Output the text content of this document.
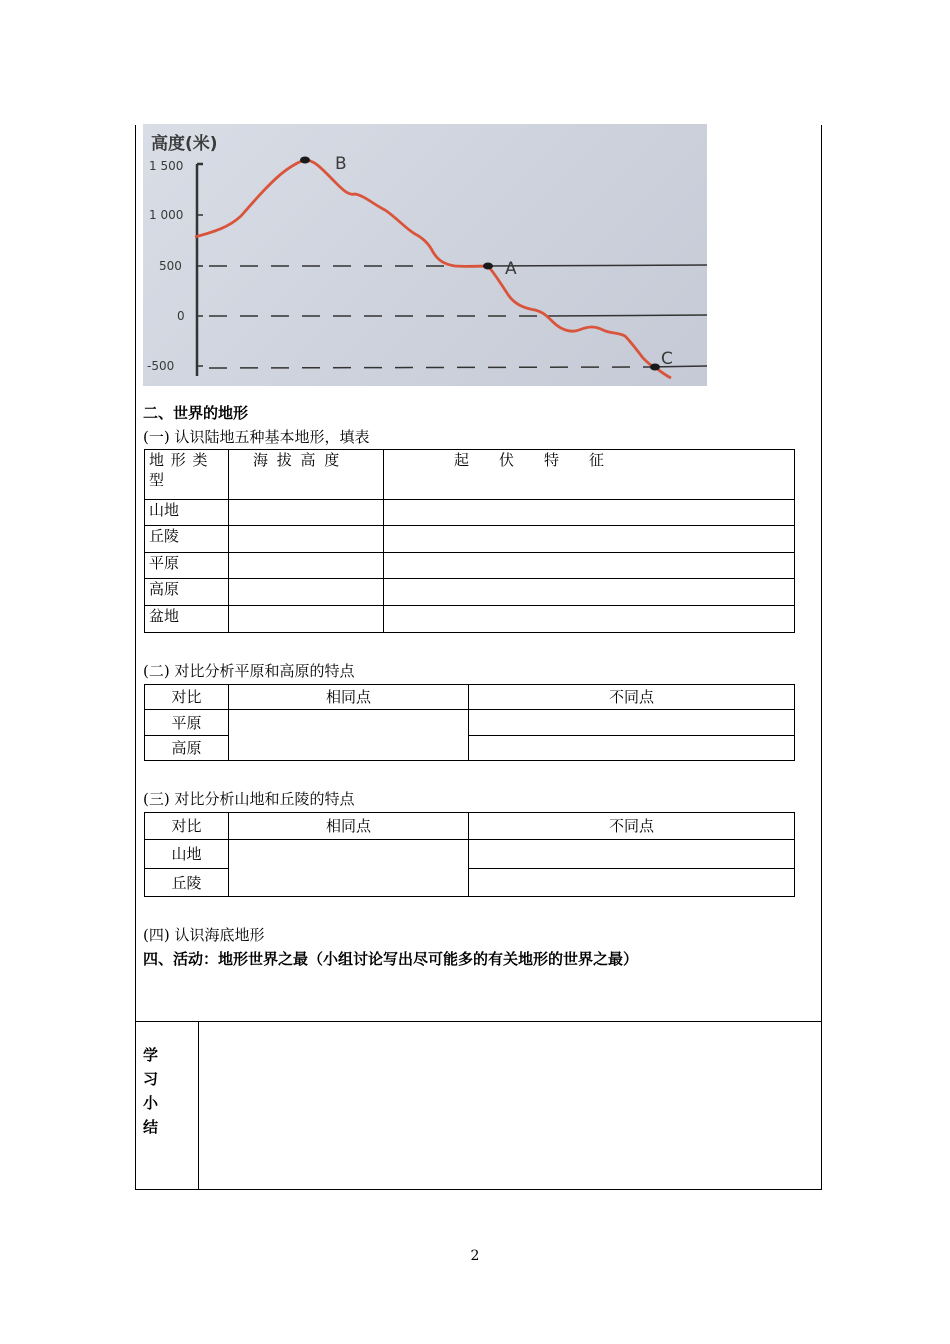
高度(米)
1 500
1 000
500
0
-500
B
A
C
二、世界的地形
(一) 认识陆地五种基本地形，填表
地 形 类 型	海 拔 高 度	起　　伏　　特　　征
山地		
丘陵		
平原		
高原		
盆地		
(二) 对比分析平原和高原的特点
对比	相同点	不同点
平原		
高原		
(三) 对比分析山地和丘陵的特点
对比	相同点	不同点
山地		
丘陵		
(四) 认识海底地形
四、活动：地形世界之最（小组讨论写出尽可能多的有关地形的世界之最）
学
习
小
结
2
